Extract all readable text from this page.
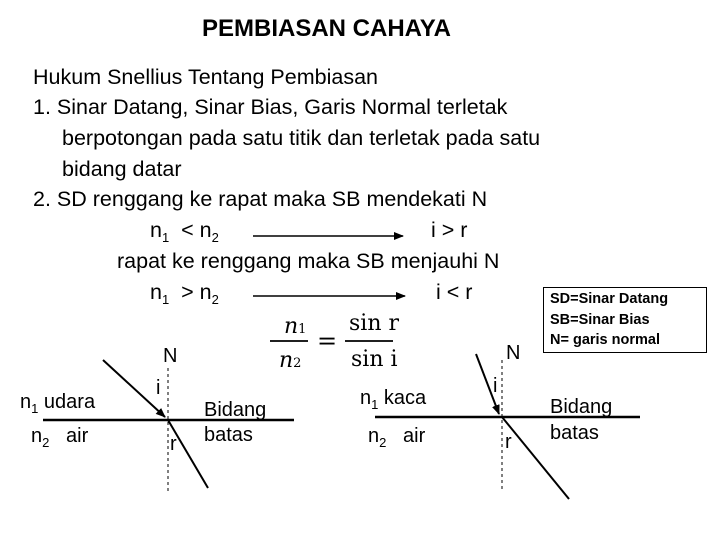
PEMBIASAN CAHAYA
Hukum Snellius Tentang Pembiasan
1. Sinar Datang, Sinar Bias, Garis Normal terletak
berpotongan pada satu titik dan terletak pada satu
bidang datar
2. SD renggang ke rapat maka SB mendekati N
$n_1 < n_2$	i > r
rapat ke renggang maka SB menjauhi N
$n_1 > n_2$	i < r	SD=Sinar Datang
SB=Sinar Bias
N= garis normal
n1
n2
=
sin r
sin i
N
$n_1$ udara
$n_2$ air
i
r
Bidang
batas
N
$n_1$ kaca
$n_2$ air
i
r
Bidang
batas
